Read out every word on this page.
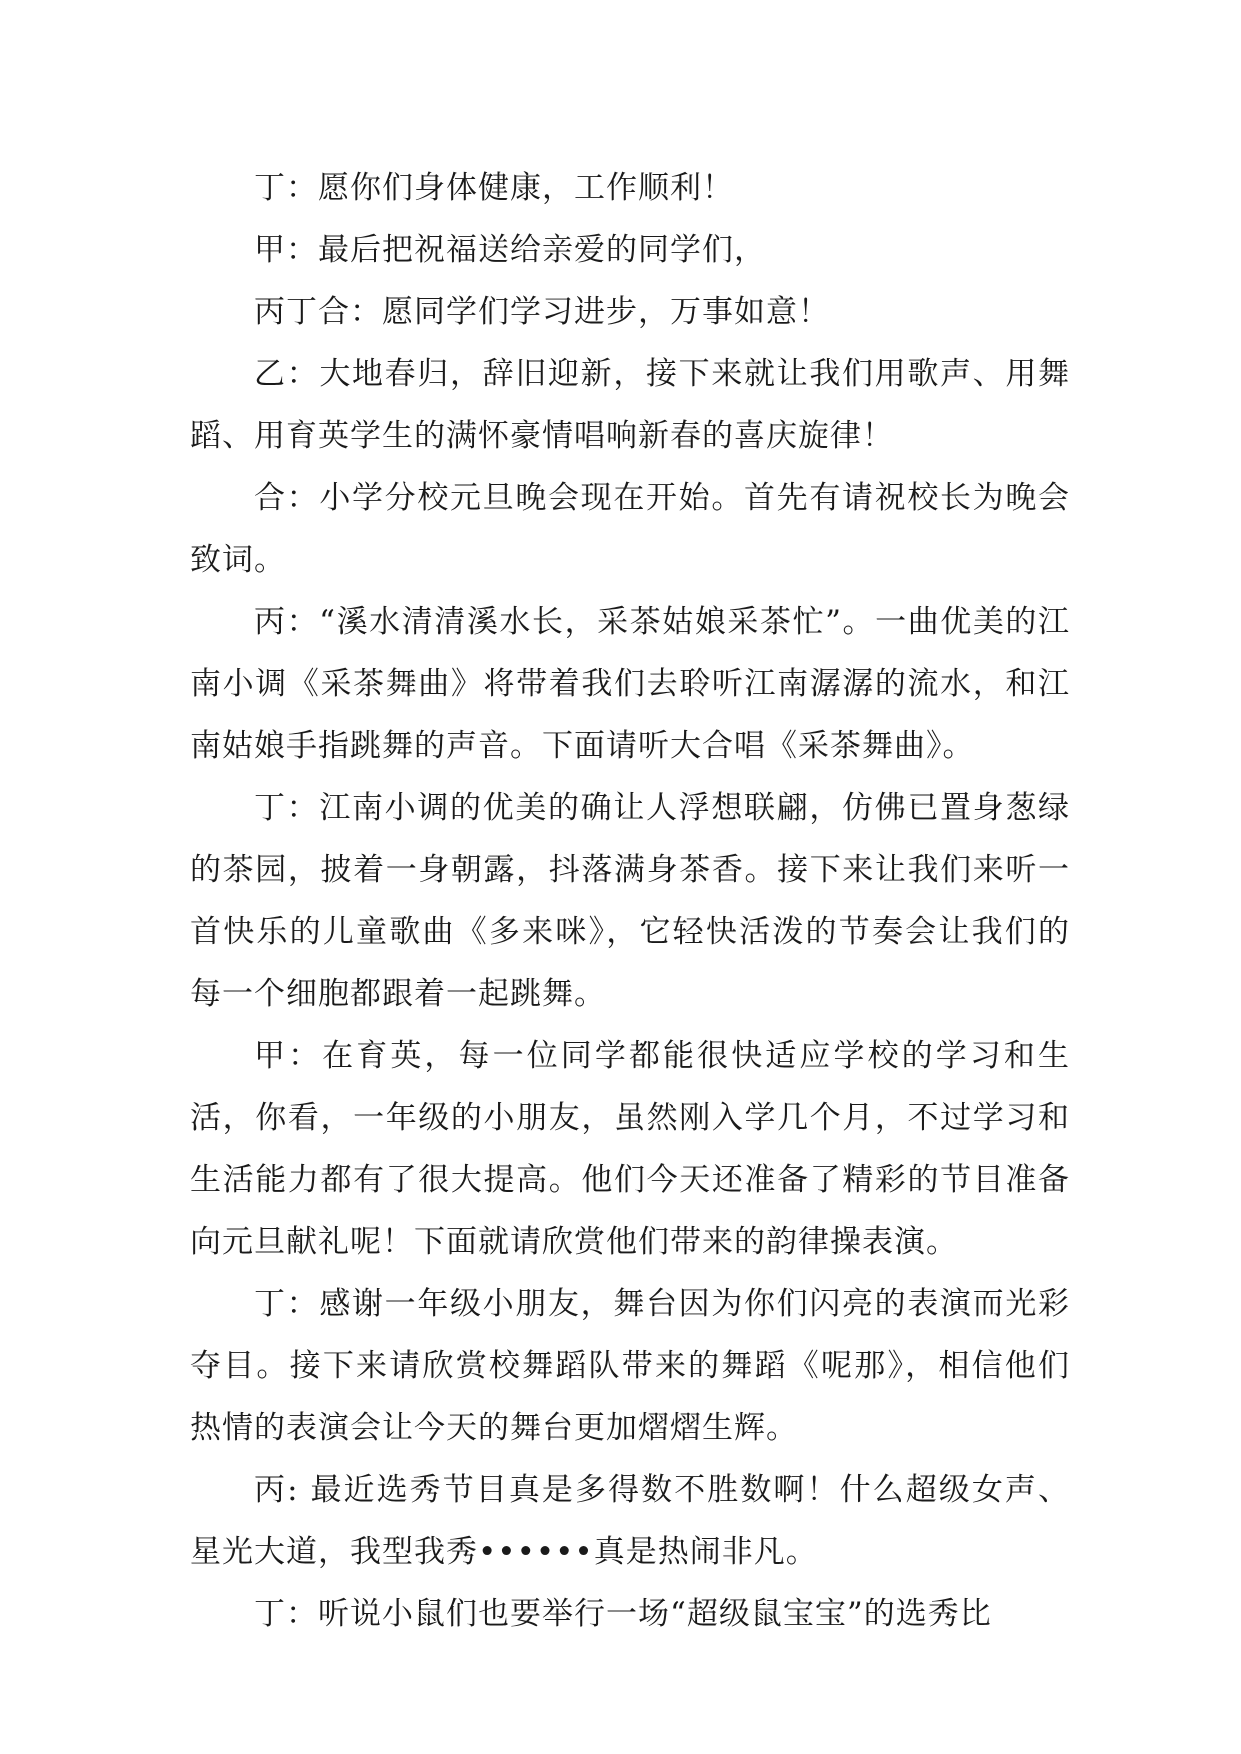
丁：愿你们身体健康，工作顺利！

甲：最后把祝福送给亲爱的同学们，

丙丁合：愿同学们学习进步，万事如意！

乙：大地春归，辞旧迎新，接下来就让我们用歌声、用舞蹈、用育英学生的满怀豪情唱响新春的喜庆旋律！

合：小学分校元旦晚会现在开始。首先有请祝校长为晚会致词。

丙：“溪水清清溪水长，采茶姑娘采茶忙”。一曲优美的江南小调《采茶舞曲》将带着我们去聆听江南潺潺的流水，和江南姑娘手指跳舞的声音。下面请听大合唱《采茶舞曲》。

丁：江南小调的优美的确让人浮想联翩，仿佛已置身葱绿的茶园，披着一身朝露，抖落满身茶香。接下来让我们来听一首快乐的儿童歌曲《多来咪》，它轻快活泼的节奏会让我们的每一个细胞都跟着一起跳舞。

甲：在育英，每一位同学都能很快适应学校的学习和生活，你看，一年级的小朋友，虽然刚入学几个月，不过学习和生活能力都有了很大提高。他们今天还准备了精彩的节目准备向元旦献礼呢！下面就请欣赏他们带来的韵律操表演。

丁：感谢一年级小朋友，舞台因为你们闪亮的表演而光彩夺目。接下来请欣赏校舞蹈队带来的舞蹈《呢那》，相信他们热情的表演会让今天的舞台更加熠熠生辉。

丙: 最近选秀节目真是多得数不胜数啊！什么超级女声、星光大道，我型我秀••••••真是热闹非凡。

丁：听说小鼠们也要举行一场“超级鼠宝宝”的选秀比
